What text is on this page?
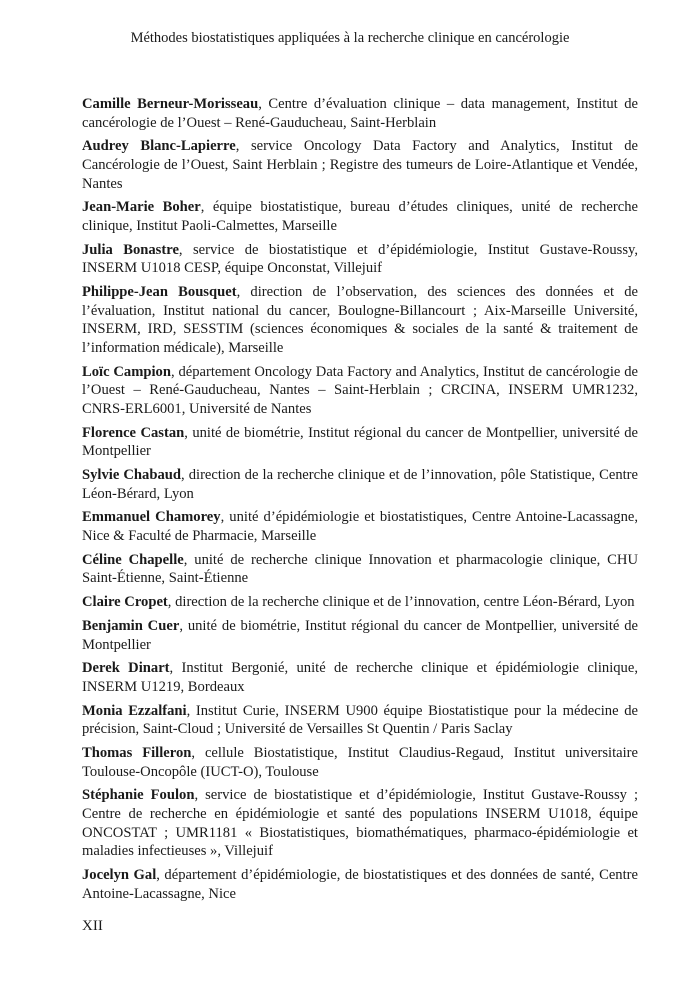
Méthodes biostatistiques appliquées à la recherche clinique en cancérologie

Camille Berneur-Morisseau, Centre d’évaluation clinique – data management, Institut de cancérologie de l’Ouest – René-Gauducheau, Saint-Herblain

Audrey Blanc-Lapierre, service Oncology Data Factory and Analytics, Institut de Cancérologie de l’Ouest, Saint Herblain ; Registre des tumeurs de Loire-Atlantique et Vendée, Nantes

Jean-Marie Boher, équipe biostatistique, bureau d’études cliniques, unité de recherche clinique, Institut Paoli-Calmettes, Marseille

Julia Bonastre, service de biostatistique et d’épidémiologie, Institut Gustave-Roussy, INSERM U1018 CESP, équipe Onconstat, Villejuif

Philippe-Jean Bousquet, direction de l’observation, des sciences des données et de l’évaluation, Institut national du cancer, Boulogne-Billancourt ; Aix-Marseille Université, INSERM, IRD, SESSTIM (sciences économiques & sociales de la santé & traitement de l’information médicale), Marseille

Loïc Campion, département Oncology Data Factory and Analytics, Institut de cancérologie de l’Ouest – René-Gauducheau, Nantes – Saint-Herblain ; CRCINA, INSERM UMR1232, CNRS-ERL6001, Université de Nantes

Florence Castan, unité de biométrie, Institut régional du cancer de Montpellier, université de Montpellier

Sylvie Chabaud, direction de la recherche clinique et de l’innovation, pôle Statistique, Centre Léon-Bérard, Lyon

Emmanuel Chamorey, unité d’épidémiologie et biostatistiques, Centre Antoine-Lacassagne, Nice & Faculté de Pharmacie, Marseille

Céline Chapelle, unité de recherche clinique Innovation et pharmacologie clinique, CHU Saint-Étienne, Saint-Étienne

Claire Cropet, direction de la recherche clinique et de l’innovation, centre Léon-Bérard, Lyon

Benjamin Cuer, unité de biométrie, Institut régional du cancer de Montpellier, université de Montpellier

Derek Dinart, Institut Bergonié, unité de recherche clinique et épidémiologie clinique, INSERM U1219, Bordeaux

Monia Ezzalfani, Institut Curie, INSERM U900 équipe Biostatistique pour la médecine de précision, Saint-Cloud ; Université de Versailles St Quentin / Paris Saclay

Thomas Filleron, cellule Biostatistique, Institut Claudius-Regaud, Institut universitaire Toulouse-Oncopôle (IUCT-O), Toulouse

Stéphanie Foulon, service de biostatistique et d’épidémiologie, Institut Gustave-Roussy ; Centre de recherche en épidémiologie et santé des populations INSERM U1018, équipe ONCOSTAT ; UMR1181 « Biostatistiques, biomathématiques, pharmaco-épidémiologie et maladies infectieuses », Villejuif

Jocelyn Gal, département d’épidémiologie, de biostatistiques et des données de santé, Centre Antoine-Lacassagne, Nice

XII
